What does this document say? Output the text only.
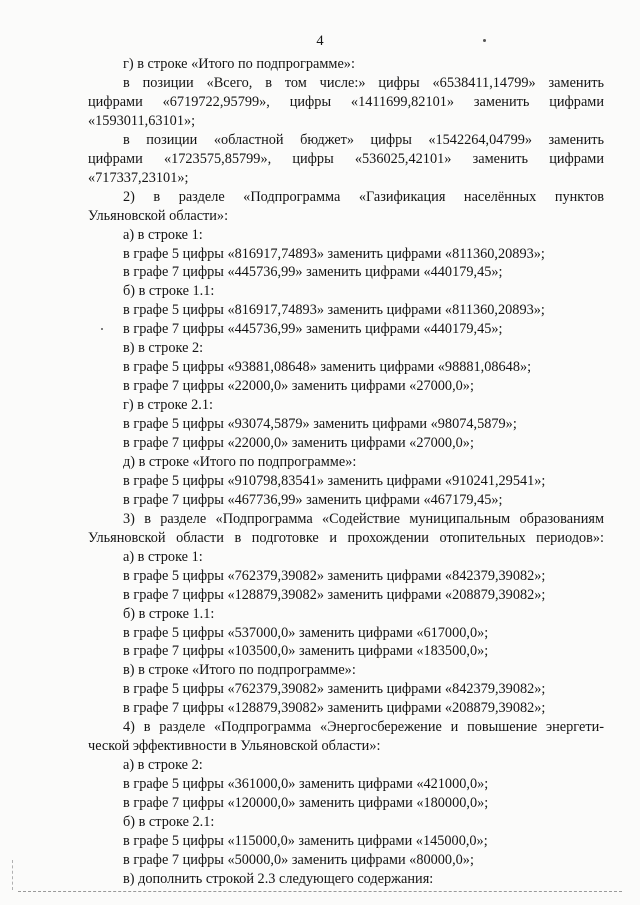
4
г) в строке «Итого по подпрограмме»:
в позиции «Всего, в том числе:» цифры «6538411,14799» заменить
цифрами «6719722,95799», цифры «1411699,82101» заменить цифрами
«1593011,63101»;
в позиции «областной бюджет» цифры «1542264,04799» заменить
цифрами «1723575,85799», цифры «536025,42101» заменить цифрами
«717337,23101»;
2) в разделе «Подпрограмма «Газификация населённых пунктов
Ульяновской области»:
а) в строке 1:
в графе 5 цифры «816917,74893» заменить цифрами «811360,20893»;
в графе 7 цифры «445736,99» заменить цифрами «440179,45»;
б) в строке 1.1:
в графе 5 цифры «816917,74893» заменить цифрами «811360,20893»;
в графе 7 цифры «445736,99» заменить цифрами «440179,45»;
в) в строке 2:
в графе 5 цифры «93881,08648» заменить цифрами «98881,08648»;
в графе 7 цифры «22000,0» заменить цифрами «27000,0»;
г) в строке 2.1:
в графе 5 цифры «93074,5879» заменить цифрами «98074,5879»;
в графе 7 цифры «22000,0» заменить цифрами «27000,0»;
д) в строке «Итого по подпрограмме»:
в графе 5 цифры «910798,83541» заменить цифрами «910241,29541»;
в графе 7 цифры «467736,99» заменить цифрами «467179,45»;
3) в разделе «Подпрограмма «Содействие муниципальным образованиям
Ульяновской области в подготовке и прохождении отопительных периодов»:
а) в строке 1:
в графе 5 цифры «762379,39082» заменить цифрами «842379,39082»;
в графе 7 цифры «128879,39082» заменить цифрами «208879,39082»;
б) в строке 1.1:
в графе 5 цифры «537000,0» заменить цифрами «617000,0»;
в графе 7 цифры «103500,0» заменить цифрами «183500,0»;
в) в строке «Итого по подпрограмме»:
в графе 5 цифры «762379,39082» заменить цифрами «842379,39082»;
в графе 7 цифры «128879,39082» заменить цифрами «208879,39082»;
4) в разделе «Подпрограмма «Энергосбережение и повышение энергети-
ческой эффективности в Ульяновской области»:
а) в строке 2:
в графе 5 цифры «361000,0» заменить цифрами «421000,0»;
в графе 7 цифры «120000,0» заменить цифрами «180000,0»;
б) в строке 2.1:
в графе 5 цифры «115000,0» заменить цифрами «145000,0»;
в графе 7 цифры «50000,0» заменить цифрами «80000,0»;
в) дополнить строкой 2.3 следующего содержания:
